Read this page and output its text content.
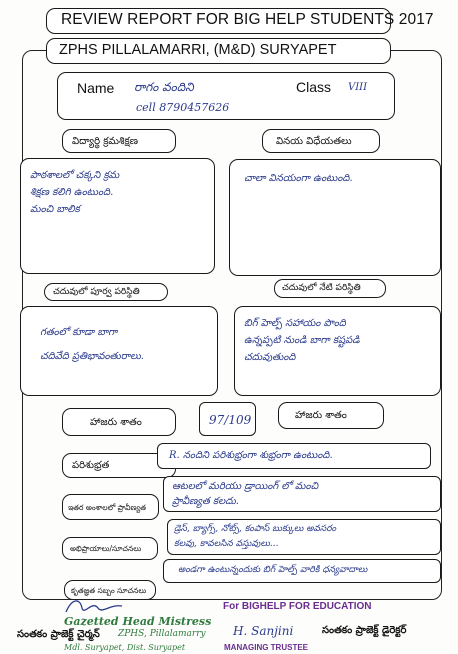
REVIEW REPORT FOR BIG HELP STUDENTS 2017
ZPHS PILLALAMARRI, (M&D) SURYAPET
Name రాగం వందిని	Class VIII
cell 8790457626
విద్యార్థి క్రమశిక్షణ	వినయ విధేయతలు
పాఠశాలలో చక్కని క్రమ
శిక్షణ కలిగి ఉంటుంది.
మంచి బాలిక
చాలా వినయంగా ఉంటుంది.
చదువులో పూర్వ పరిస్థితి	చదువులో నేటి పరిస్థితి
గతంలో కూడా బాగా
చదివేది ప్రతిభావంతురాలు.
బిగ్ హెల్ప్ సహాయం పొంది
ఉన్నప్పటి నుండి బాగా కష్టపడి
చదువుతుంది
హాజరు శాతం	97/109	హాజరు శాతం
పరిశుభ్రత
R. నందిని పరిశుభ్రంగా శుభ్రంగా ఉంటుంది.
ఇతర అంశాలలో ప్రావీణ్యత
ఆటలలో మరియు డ్రాయింగ్ లో మంచి
ప్రావీణ్యత కలదు.
అభిప్రాయాలు/సూచనలు
డ్రెస్, బ్యాగ్స్, నోట్స్, కంపాస్ బుక్కులు అవసరం
కలవు, కావలసిన వస్తువులు...
కృతజ్ఞత సబ్బం సూచనలు
అండగా ఉంటున్నందుకు బిగ్ హెల్ప్ వారికి ధన్యవాదాలు
Gazetted Head Mistress
ZPHS, Pillalamarry
Mdl. Suryapet, Dist. Suryapet
సంతకం ప్రాజెక్ట్ చైర్మన్
For BIGHELP FOR EDUCATION
H. Sanjini
MANAGING TRUSTEE
సంతకం ప్రాజెక్ట్ డైరెక్టర్
